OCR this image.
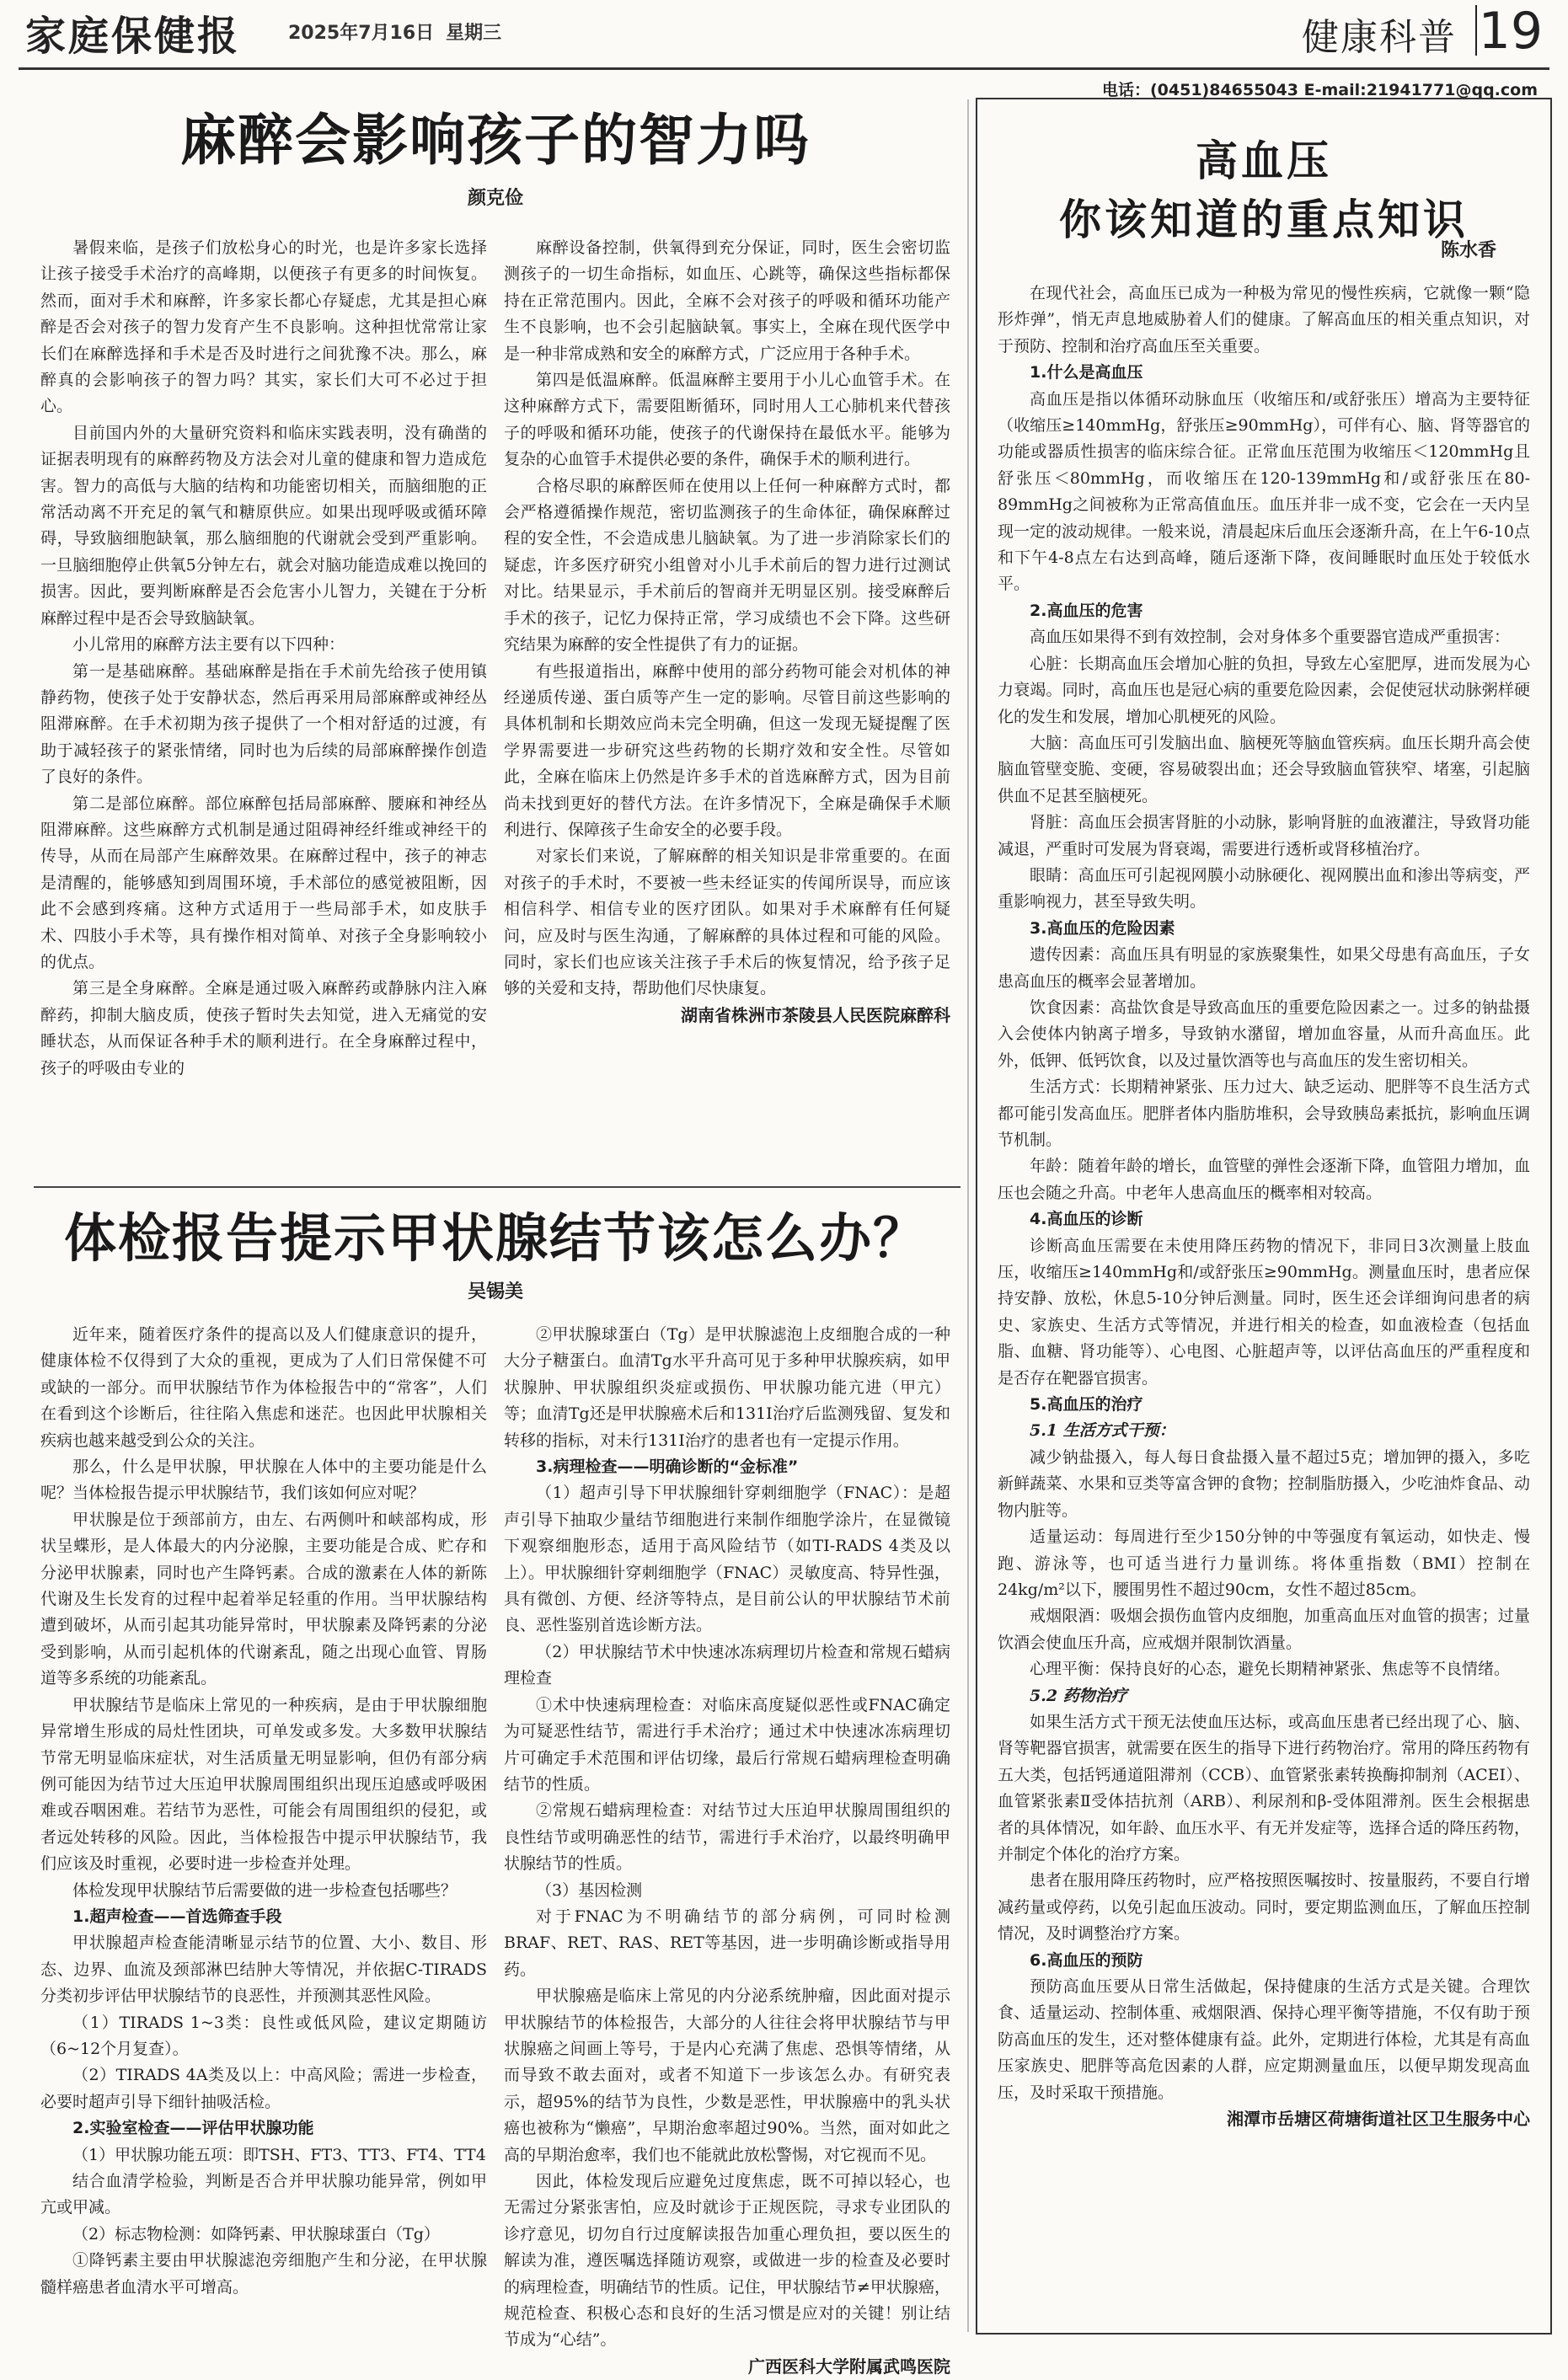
家庭保健报	2025年7月16日 星期三	健康科普 19
电话：(0451)84655043 E-mail:21941771@qq.com
麻醉会影响孩子的智力吗
颜克俭

暑假来临，是孩子们放松身心的时光，也是许多家长选择让孩子接受手术治疗的高峰期，以便孩子有更多的时间恢复。然而，面对手术和麻醉，许多家长都心存疑虑，尤其是担心麻醉是否会对孩子的智力发育产生不良影响。这种担忧常常让家长们在麻醉选择和手术是否及时进行之间犹豫不决。那么，麻醉真的会影响孩子的智力吗？其实，家长们大可不必过于担心。

目前国内外的大量研究资料和临床实践表明，没有确凿的证据表明现有的麻醉药物及方法会对儿童的健康和智力造成危害。智力的高低与大脑的结构和功能密切相关，而脑细胞的正常活动离不开充足的氧气和糖原供应。如果出现呼吸或循环障碍，导致脑细胞缺氧，那么脑细胞的代谢就会受到严重影响。一旦脑细胞停止供氧5分钟左右，就会对脑功能造成难以挽回的损害。因此，要判断麻醉是否会危害小儿智力，关键在于分析麻醉过程中是否会导致脑缺氧。

小儿常用的麻醉方法主要有以下四种：

第一是基础麻醉。基础麻醉是指在手术前先给孩子使用镇静药物，使孩子处于安静状态，然后再采用局部麻醉或神经丛阻滞麻醉。在手术初期为孩子提供了一个相对舒适的过渡，有助于减轻孩子的紧张情绪，同时也为后续的局部麻醉操作创造了良好的条件。

第二是部位麻醉。部位麻醉包括局部麻醉、腰麻和神经丛阻滞麻醉。这些麻醉方式机制是通过阻碍神经纤维或神经干的传导，从而在局部产生麻醉效果。在麻醉过程中，孩子的神志是清醒的，能够感知到周围环境，手术部位的感觉被阻断，因此不会感到疼痛。这种方式适用于一些局部手术，如皮肤手术、四肢小手术等，具有操作相对简单、对孩子全身影响较小的优点。

第三是全身麻醉。全麻是通过吸入麻醉药或静脉内注入麻醉药，抑制大脑皮质，使孩子暂时失去知觉，进入无痛觉的安睡状态，从而保证各种手术的顺利进行。在全身麻醉过程中，孩子的呼吸由专业的

麻醉设备控制，供氧得到充分保证，同时，医生会密切监测孩子的一切生命指标，如血压、心跳等，确保这些指标都保持在正常范围内。因此，全麻不会对孩子的呼吸和循环功能产生不良影响，也不会引起脑缺氧。事实上，全麻在现代医学中是一种非常成熟和安全的麻醉方式，广泛应用于各种手术。

第四是低温麻醉。低温麻醉主要用于小儿心血管手术。在这种麻醉方式下，需要阻断循环，同时用人工心肺机来代替孩子的呼吸和循环功能，使孩子的代谢保持在最低水平。能够为复杂的心血管手术提供必要的条件，确保手术的顺利进行。

合格尽职的麻醉医师在使用以上任何一种麻醉方式时，都会严格遵循操作规范，密切监测孩子的生命体征，确保麻醉过程的安全性，不会造成患儿脑缺氧。为了进一步消除家长们的疑虑，许多医疗研究小组曾对小儿手术前后的智力进行过测试对比。结果显示，手术前后的智商并无明显区别。接受麻醉后手术的孩子，记忆力保持正常，学习成绩也不会下降。这些研究结果为麻醉的安全性提供了有力的证据。

有些报道指出，麻醉中使用的部分药物可能会对机体的神经递质传递、蛋白质等产生一定的影响。尽管目前这些影响的具体机制和长期效应尚未完全明确，但这一发现无疑提醒了医学界需要进一步研究这些药物的长期疗效和安全性。尽管如此，全麻在临床上仍然是许多手术的首选麻醉方式，因为目前尚未找到更好的替代方法。在许多情况下，全麻是确保手术顺利进行、保障孩子生命安全的必要手段。

对家长们来说，了解麻醉的相关知识是非常重要的。在面对孩子的手术时，不要被一些未经证实的传闻所误导，而应该相信科学、相信专业的医疗团队。如果对手术麻醉有任何疑问，应及时与医生沟通，了解麻醉的具体过程和可能的风险。同时，家长们也应该关注孩子手术后的恢复情况，给予孩子足够的关爱和支持，帮助他们尽快康复。

湖南省株洲市茶陵县人民医院麻醉科

体检报告提示甲状腺结节该怎么办？
吴锡美

近年来，随着医疗条件的提高以及人们健康意识的提升，健康体检不仅得到了大众的重视，更成为了人们日常保健不可或缺的一部分。而甲状腺结节作为体检报告中的“常客”，人们在看到这个诊断后，往往陷入焦虑和迷茫。也因此甲状腺相关疾病也越来越受到公众的关注。

那么，什么是甲状腺，甲状腺在人体中的主要功能是什么呢？当体检报告提示甲状腺结节，我们该如何应对呢？

甲状腺是位于颈部前方，由左、右两侧叶和峡部构成，形状呈蝶形，是人体最大的内分泌腺，主要功能是合成、贮存和分泌甲状腺素，同时也产生降钙素。合成的激素在人体的新陈代谢及生长发育的过程中起着举足轻重的作用。当甲状腺结构遭到破坏，从而引起其功能异常时，甲状腺素及降钙素的分泌受到影响，从而引起机体的代谢紊乱，随之出现心血管、胃肠道等多系统的功能紊乱。

甲状腺结节是临床上常见的一种疾病，是由于甲状腺细胞异常增生形成的局灶性团块，可单发或多发。大多数甲状腺结节常无明显临床症状，对生活质量无明显影响，但仍有部分病例可能因为结节过大压迫甲状腺周围组织出现压迫感或呼吸困难或吞咽困难。若结节为恶性，可能会有周围组织的侵犯，或者远处转移的风险。因此，当体检报告中提示甲状腺结节，我们应该及时重视，必要时进一步检查并处理。

体检发现甲状腺结节后需要做的进一步检查包括哪些？

1.超声检查——首选筛查手段

甲状腺超声检查能清晰显示结节的位置、大小、数目、形态、边界、血流及颈部淋巴结肿大等情况，并依据C-TIRADS分类初步评估甲状腺结节的良恶性，并预测其恶性风险。

（1）TIRADS 1~3类：良性或低风险，建议定期随访（6~12个月复查）。

（2）TIRADS 4A类及以上：中高风险；需进一步检查，必要时超声引导下细针抽吸活检。

2.实验室检查——评估甲状腺功能

（1）甲状腺功能五项：即TSH、FT3、TT3、FT4、TT4

结合血清学检验，判断是否合并甲状腺功能异常，例如甲亢或甲减。

（2）标志物检测：如降钙素、甲状腺球蛋白（Tg）

①降钙素主要由甲状腺滤泡旁细胞产生和分泌，在甲状腺髓样癌患者血清水平可增高。

②甲状腺球蛋白（Tg）是甲状腺滤泡上皮细胞合成的一种大分子糖蛋白。血清Tg水平升高可见于多种甲状腺疾病，如甲状腺肿、甲状腺组织炎症或损伤、甲状腺功能亢进（甲亢）等；血清Tg还是甲状腺癌术后和131I治疗后监测残留、复发和转移的指标，对未行131I治疗的患者也有一定提示作用。

3.病理检查——明确诊断的“金标准”

（1）超声引导下甲状腺细针穿刺细胞学（FNAC）：是超声引导下抽取少量结节细胞进行来制作细胞学涂片，在显微镜下观察细胞形态，适用于高风险结节（如TI-RADS 4类及以上）。甲状腺细针穿刺细胞学（FNAC）灵敏度高、特异性强，具有微创、方便、经济等特点，是目前公认的甲状腺结节术前良、恶性鉴别首选诊断方法。

（2）甲状腺结节术中快速冰冻病理切片检查和常规石蜡病理检查

①术中快速病理检查：对临床高度疑似恶性或FNAC确定为可疑恶性结节，需进行手术治疗；通过术中快速冰冻病理切片可确定手术范围和评估切缘，最后行常规石蜡病理检查明确结节的性质。

②常规石蜡病理检查：对结节过大压迫甲状腺周围组织的良性结节或明确恶性的结节，需进行手术治疗，以最终明确甲状腺结节的性质。

（3）基因检测

对于FNAC为不明确结节的部分病例，可同时检测BRAF、RET、RAS、RET等基因，进一步明确诊断或指导用药。

甲状腺癌是临床上常见的内分泌系统肿瘤，因此面对提示甲状腺结节的体检报告，大部分的人往往会将甲状腺结节与甲状腺癌之间画上等号，于是内心充满了焦虑、恐惧等情绪，从而导致不敢去面对，或者不知道下一步该怎么办。有研究表示，超95%的结节为良性，少数是恶性，甲状腺癌中的乳头状癌也被称为“懒癌”，早期治愈率超过90%。当然，面对如此之高的早期治愈率，我们也不能就此放松警惕，对它视而不见。

因此，体检发现后应避免过度焦虑，既不可掉以轻心，也无需过分紧张害怕，应及时就诊于正规医院，寻求专业团队的诊疗意见，切勿自行过度解读报告加重心理负担，要以医生的解读为准，遵医嘱选择随访观察，或做进一步的检查及必要时的病理检查，明确结节的性质。记住，甲状腺结节≠甲状腺癌，规范检查、积极心态和良好的生活习惯是应对的关键！别让结节成为“心结”。

广西医科大学附属武鸣医院

高血压
你该知道的重点知识
陈水香

在现代社会，高血压已成为一种极为常见的慢性疾病，它就像一颗“隐形炸弹”，悄无声息地威胁着人们的健康。了解高血压的相关重点知识，对于预防、控制和治疗高血压至关重要。

1.什么是高血压

高血压是指以体循环动脉血压（收缩压和/或舒张压）增高为主要特征（收缩压≥140mmHg，舒张压≥90mmHg），可伴有心、脑、肾等器官的功能或器质性损害的临床综合征。正常血压范围为收缩压＜120mmHg且舒张压＜80mmHg，而收缩压在120-139mmHg和/或舒张压在80-89mmHg之间被称为正常高值血压。血压并非一成不变，它会在一天内呈现一定的波动规律。一般来说，清晨起床后血压会逐渐升高，在上午6-10点和下午4-8点左右达到高峰，随后逐渐下降，夜间睡眠时血压处于较低水平。

2.高血压的危害

高血压如果得不到有效控制，会对身体多个重要器官造成严重损害：

心脏：长期高血压会增加心脏的负担，导致左心室肥厚，进而发展为心力衰竭。同时，高血压也是冠心病的重要危险因素，会促使冠状动脉粥样硬化的发生和发展，增加心肌梗死的风险。

大脑：高血压可引发脑出血、脑梗死等脑血管疾病。血压长期升高会使脑血管壁变脆、变硬，容易破裂出血；还会导致脑血管狭窄、堵塞，引起脑供血不足甚至脑梗死。

肾脏：高血压会损害肾脏的小动脉，影响肾脏的血液灌注，导致肾功能减退，严重时可发展为肾衰竭，需要进行透析或肾移植治疗。

眼睛：高血压可引起视网膜小动脉硬化、视网膜出血和渗出等病变，严重影响视力，甚至导致失明。

3.高血压的危险因素

遗传因素：高血压具有明显的家族聚集性，如果父母患有高血压，子女患高血压的概率会显著增加。

饮食因素：高盐饮食是导致高血压的重要危险因素之一。过多的钠盐摄入会使体内钠离子增多，导致钠水潴留，增加血容量，从而升高血压。此外，低钾、低钙饮食，以及过量饮酒等也与高血压的发生密切相关。

生活方式：长期精神紧张、压力过大、缺乏运动、肥胖等不良生活方式都可能引发高血压。肥胖者体内脂肪堆积，会导致胰岛素抵抗，影响血压调节机制。

年龄：随着年龄的增长，血管壁的弹性会逐渐下降，血管阻力增加，血压也会随之升高。中老年人患高血压的概率相对较高。

4.高血压的诊断

诊断高血压需要在未使用降压药物的情况下，非同日3次测量上肢血压，收缩压≥140mmHg和/或舒张压≥90mmHg。测量血压时，患者应保持安静、放松，休息5-10分钟后测量。同时，医生还会详细询问患者的病史、家族史、生活方式等情况，并进行相关的检查，如血液检查（包括血脂、血糖、肾功能等）、心电图、心脏超声等，以评估高血压的严重程度和是否存在靶器官损害。

5.高血压的治疗

5.1 生活方式干预：

减少钠盐摄入，每人每日食盐摄入量不超过5克；增加钾的摄入，多吃新鲜蔬菜、水果和豆类等富含钾的食物；控制脂肪摄入，少吃油炸食品、动物内脏等。

适量运动：每周进行至少150分钟的中等强度有氧运动，如快走、慢跑、游泳等，也可适当进行力量训练。将体重指数（BMI）控制在24kg/m²以下，腰围男性不超过90cm，女性不超过85cm。

戒烟限酒：吸烟会损伤血管内皮细胞，加重高血压对血管的损害；过量饮酒会使血压升高，应戒烟并限制饮酒量。

心理平衡：保持良好的心态，避免长期精神紧张、焦虑等不良情绪。

5.2 药物治疗

如果生活方式干预无法使血压达标，或高血压患者已经出现了心、脑、肾等靶器官损害，就需要在医生的指导下进行药物治疗。常用的降压药物有五大类，包括钙通道阻滞剂（CCB）、血管紧张素转换酶抑制剂（ACEI）、血管紧张素Ⅱ受体拮抗剂（ARB）、利尿剂和β-受体阻滞剂。医生会根据患者的具体情况，如年龄、血压水平、有无并发症等，选择合适的降压药物，并制定个体化的治疗方案。

患者在服用降压药物时，应严格按照医嘱按时、按量服药，不要自行增减药量或停药，以免引起血压波动。同时，要定期监测血压，了解血压控制情况，及时调整治疗方案。

6.高血压的预防

预防高血压要从日常生活做起，保持健康的生活方式是关键。合理饮食、适量运动、控制体重、戒烟限酒、保持心理平衡等措施，不仅有助于预防高血压的发生，还对整体健康有益。此外，定期进行体检，尤其是有高血压家族史、肥胖等高危因素的人群，应定期测量血压，以便早期发现高血压，及时采取干预措施。

湘潭市岳塘区荷塘街道社区卫生服务中心
